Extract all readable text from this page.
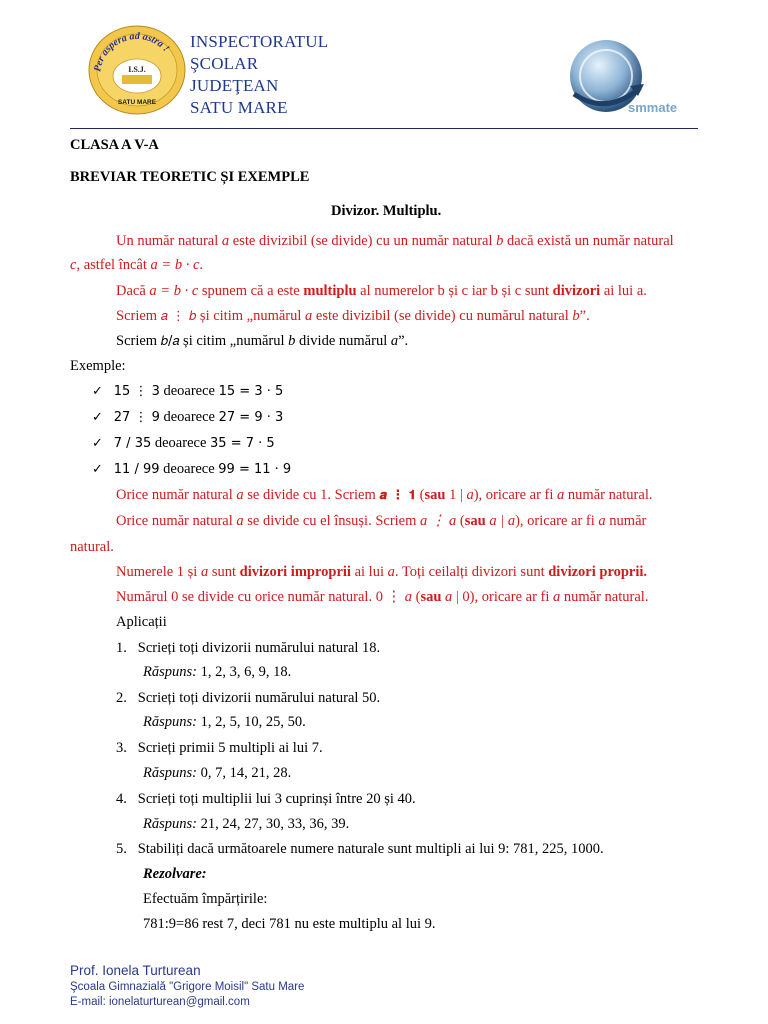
Per aspera ad astra !
I.S.J.
SATU MARE
INSPECTORATUL
ŞCOLAR
JUDEŢEAN
SATU MARE	smmate
CLASA A V-A
BREVIAR TEORETIC ȘI EXEMPLE
Divizor. Multiplu.
Un număr natural a este divizibil (se divide) cu un număr natural b dacă există un număr natural
c, astfel încât a = b · c.
Dacă a = b · c spunem că a este multiplu al numerelor b și c iar b și c sunt divizori ai lui a.
Scriem 𝑎 ⋮ 𝑏 și citim „numărul a este divizibil (se divide) cu numărul natural b”.
Scriem 𝑏/𝑎 și citim „numărul b divide numărul a”.
Exemple:
✓ 15 ⋮ 3 deoarece 15 = 3 · 5
✓ 27 ⋮ 9 deoarece 27 = 9 · 3
✓ 7 / 35 deoarece 35 = 7 · 5
✓ 11 / 99 deoarece 99 = 11 · 9
Orice număr natural a se divide cu 1. Scriem 𝒂 ⋮ 𝟏 (sau 1 | a), oricare ar fi a număr natural.
Orice număr natural a se divide cu el însuși. Scriem a ⋮ a (sau a | a), oricare ar fi a număr
natural.
Numerele 1 și a sunt divizori improprii ai lui a. Toți ceilalți divizori sunt divizori proprii.
Numărul 0 se divide cu orice număr natural. 0 ⋮ a (sau a | 0), oricare ar fi a număr natural.
Aplicații
1. Scrieți toți divizorii numărului natural 18.
Răspuns: 1, 2, 3, 6, 9, 18.
2. Scrieți toți divizorii numărului natural 50.
Răspuns: 1, 2, 5, 10, 25, 50.
3. Scrieți primii 5 multipli ai lui 7.
Răspuns: 0, 7, 14, 21, 28.
4. Scrieți toți multiplii lui 3 cuprinși între 20 și 40.
Răspuns: 21, 24, 27, 30, 33, 36, 39.
5. Stabiliți dacă următoarele numere naturale sunt multipli ai lui 9: 781, 225, 1000.
Rezolvare:
Efectuăm împărțirile:
781:9=86 rest 7, deci 781 nu este multiplu al lui 9.
Prof. Ionela Turturean
Şcoala Gimnazială "Grigore Moisil" Satu Mare
E-mail: ionelaturturean@gmail.com
